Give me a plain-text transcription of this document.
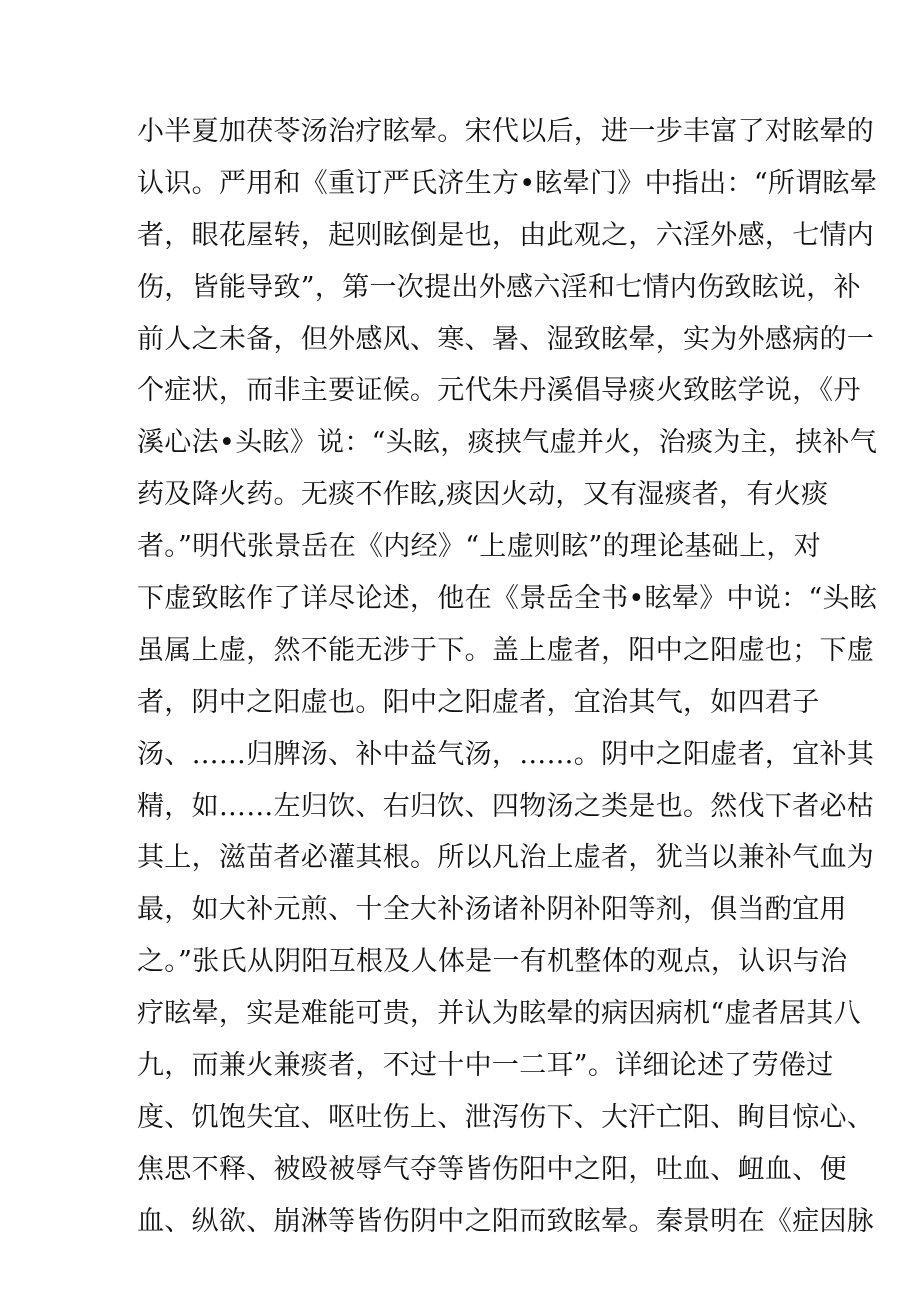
小半夏加茯苓汤治疗眩晕。宋代以后，进一步丰富了对眩晕的
认识。严用和《重订严氏济生方•眩晕门》中指出：“所谓眩晕
者，眼花屋转，起则眩倒是也，由此观之，六淫外感，七情内
伤，皆能导致”，第一次提出外感六淫和七情内伤致眩说，补
前人之未备，但外感风、寒、暑、湿致眩晕，实为外感病的一
个症状，而非主要证候。元代朱丹溪倡导痰火致眩学说，《丹
溪心法•头眩》说：“头眩，痰挟气虚并火，治痰为主，挟补气
药及降火药。无痰不作眩,痰因火动，又有湿痰者，有火痰
者。”明代张景岳在《内经》“上虚则眩”的理论基础上，对
下虚致眩作了详尽论述，他在《景岳全书•眩晕》中说：“头眩
虽属上虚，然不能无涉于下。盖上虚者，阳中之阳虚也；下虚
者，阴中之阳虚也。阳中之阳虚者，宜治其气，如四君子
汤、……归脾汤、补中益气汤，……。阴中之阳虚者，宜补其
精，如……左归饮、右归饮、四物汤之类是也。然伐下者必枯
其上，滋苗者必灌其根。所以凡治上虚者，犹当以兼补气血为
最，如大补元煎、十全大补汤诸补阴补阳等剂，俱当酌宜用
之。”张氏从阴阳互根及人体是一有机整体的观点，认识与治
疗眩晕，实是难能可贵，并认为眩晕的病因病机“虚者居其八
九，而兼火兼痰者，不过十中一二耳”。详细论述了劳倦过
度、饥饱失宜、呕吐伤上、泄泻伤下、大汗亡阳、眴目惊心、
焦思不释、被殴被辱气夺等皆伤阳中之阳，吐血、衄血、便
血、纵欲、崩淋等皆伤阴中之阳而致眩晕。秦景明在《症因脉
